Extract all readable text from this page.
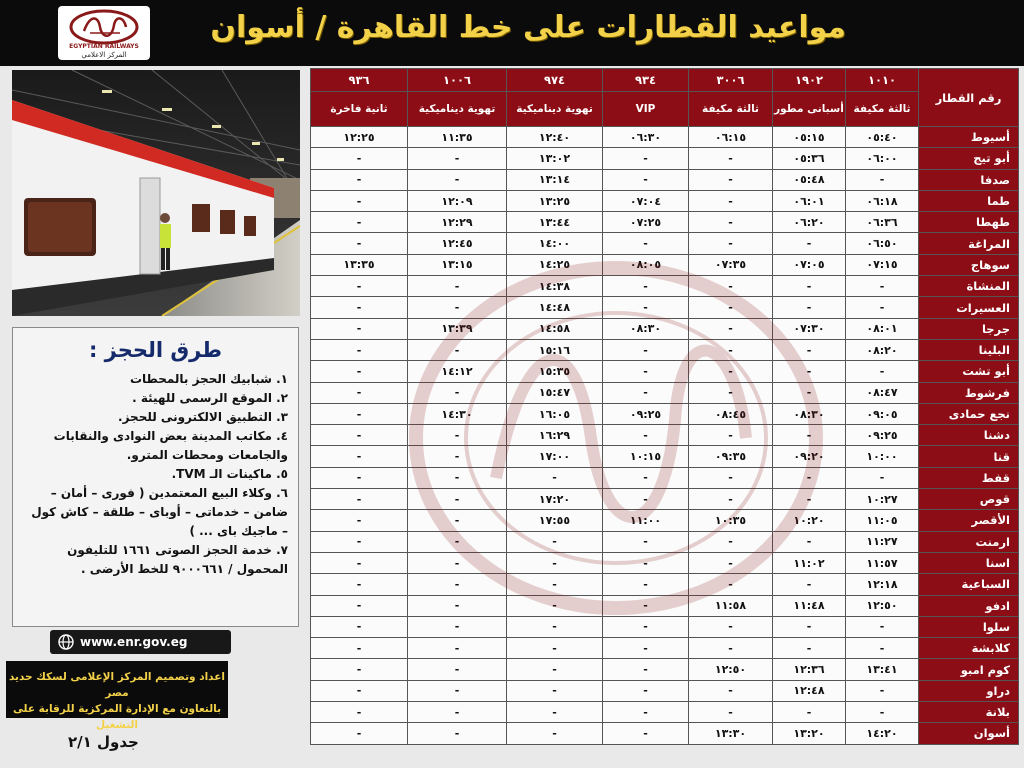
EGYPTIAN RAILWAYS
المركز الاعلامي
مواعيد القطارات على خط القاهرة / أسوان
طرق الحجز :

١. شبابيك الحجز بالمحطات

٢. الموقع الرسمى للهيئة .

٣. التطبيق الالكترونى للحجز.

٤. مكاتب المدينة بعض النوادى والنقابات والجامعات ومحطات المترو.

٥. ماكينات الـ TVM.

٦. وكلاء البيع المعتمدين ( فورى – أمان – ضامن – خدماتى – أوباى – طلقة – كاش كول – ماجيك باى ... )

٧. خدمة الحجز الصوتى ١٦٦١ للتليفون المحمول / ٩٠٠٠٦٦١ للخط الأرضى .

www.enr.gov.eg
اعداد وتصميم المركز الإعلامى لسكك حديد مصر
بالتعاون مع الإدارة المركزية للرقابة على التشغيل
جدول ٢/١
رقم القطار	١٠١٠	١٩٠٢	٣٠٠٦	٩٣٤	٩٧٤	١٠٠٦	٩٣٦
	ثالثة مكيفة	أسبانى مطور	ثالثة مكيفة	VIP	تهوية ديناميكية	تهوية ديناميكية	ثانية فاخرة
أسيوط	٠٥:٤٠	٠٥:١٥	٠٦:١٥	٠٦:٣٠	١٢:٤٠	١١:٣٥	١٢:٢٥
أبو تيج	٠٦:٠٠	٠٥:٣٦	-	-	١٣:٠٢	-	-
صدفا	-	٠٥:٤٨	-	-	١٣:١٤	-	-
طما	٠٦:١٨	٠٦:٠١	-	٠٧:٠٤	١٣:٢٥	١٢:٠٩	-
طهطا	٠٦:٣٦	٠٦:٢٠	-	٠٧:٢٥	١٣:٤٤	١٢:٢٩	-
المراغة	٠٦:٥٠	-	-	-	١٤:٠٠	١٢:٤٥	-
سوهاج	٠٧:١٥	٠٧:٠٥	٠٧:٣٥	٠٨:٠٥	١٤:٢٥	١٣:١٥	١٣:٣٥
المنشاة	-	-	-	-	١٤:٣٨	-	-
العسيرات	-	-	-	-	١٤:٤٨	-	-
جرجا	٠٨:٠١	٠٧:٣٠	-	٠٨:٣٠	١٤:٥٨	١٣:٣٩	-
البلينا	٠٨:٢٠	-	-	-	١٥:١٦	-	-
أبو تشت	-	-	-	-	١٥:٣٥	١٤:١٢	-
فرشوط	٠٨:٤٧	-	-	-	١٥:٤٧	-	-
نجع حمادى	٠٩:٠٥	٠٨:٣٠	٠٨:٤٥	٠٩:٢٥	١٦:٠٥	١٤:٣٠	-
دشنا	٠٩:٢٥	-	-	-	١٦:٢٩	-	-
قنا	١٠:٠٠	٠٩:٢٠	٠٩:٣٥	١٠:١٥	١٧:٠٠	-	-
قفط	-	-	-	-	-	-	-
قوص	١٠:٢٧	-	-	-	١٧:٢٠	-	-
الأقصر	١١:٠٥	١٠:٢٠	١٠:٣٥	١١:٠٠	١٧:٥٥	-	-
ارمنت	١١:٢٧	-	-	-	-	-	-
اسنا	١١:٥٧	١١:٠٢	-	-	-	-	-
السباعية	١٢:١٨	-	-	-	-	-	-
ادفو	١٢:٥٠	١١:٤٨	١١:٥٨	-	-	-	-
سلوا	-	-	-	-	-	-	-
كلابشة	-	-	-	-	-	-	-
كوم امبو	١٣:٤١	١٢:٣٦	١٢:٥٠	-	-	-	-
دراو	-	١٢:٤٨	-	-	-	-	-
بلانة	-	-	-	-	-	-	-
أسوان	١٤:٢٠	١٣:٢٠	١٣:٣٠	-	-	-	-
